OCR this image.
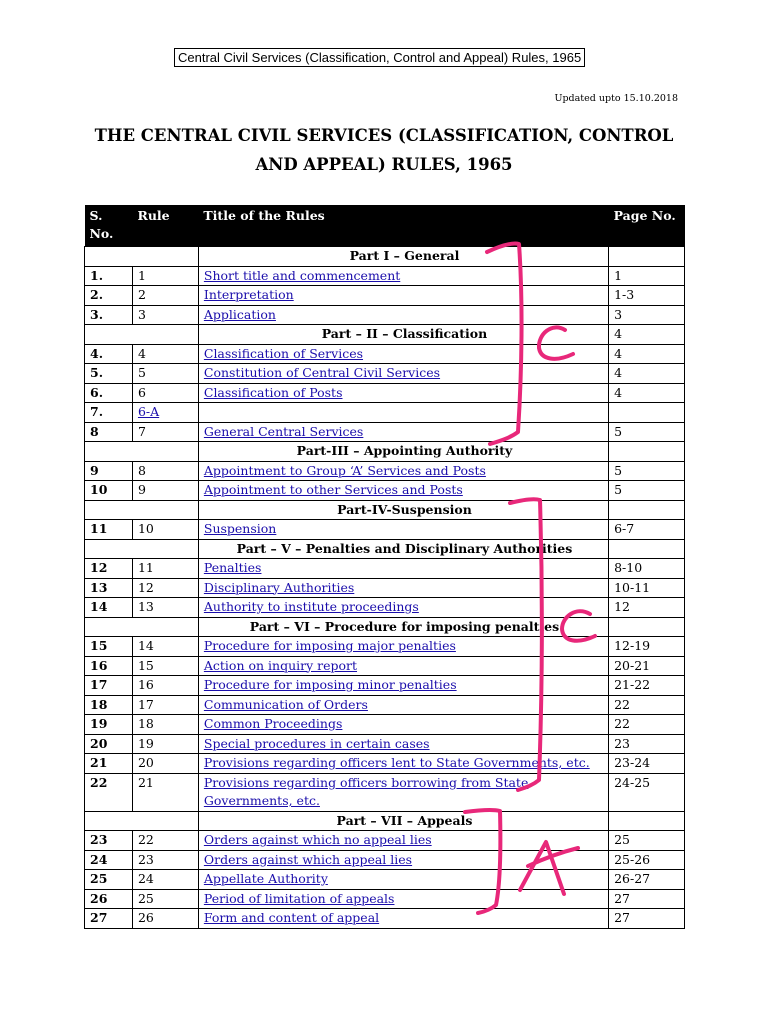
Central Civil Services (Classification, Control and Appeal) Rules, 1965
Updated upto 15.10.2018
THE CENTRAL CIVIL SERVICES (CLASSIFICATION, CONTROL
AND APPEAL) RULES, 1965
S. No.	Rule	Title of the Rules	Page No.
		Part I – General	
1.	1	Short title and commencement	1
2.	2	Interpretation	1-3
3.	3	Application	3
		Part – II – Classification	4
4.	4	Classification of Services	4
5.	5	Constitution of Central Civil Services	4
6.	6	Classification of Posts	4
7.	6-A		
8	7	General Central Services	5
		Part-III – Appointing Authority	
9	8	Appointment to Group ‘A’ Services and Posts	5
10	9	Appointment to other Services and Posts	5
		Part-IV-Suspension	
11	10	Suspension	6-7
		Part – V – Penalties and Disciplinary Authorities	
12	11	Penalties	8-10
13	12	Disciplinary Authorities	10-11
14	13	Authority to institute proceedings	12
		Part – VI – Procedure for imposing penalties	
15	14	Procedure for imposing major penalties	12-19
16	15	Action on inquiry report	20-21
17	16	Procedure for imposing minor penalties	21-22
18	17	Communication of Orders	22
19	18	Common Proceedings	22
20	19	Special procedures in certain cases	23
21	20	Provisions regarding officers lent to State Governments, etc.	23-24
22	21	Provisions regarding officers borrowing from State Governments, etc.	24-25
		Part – VII – Appeals	
23	22	Orders against which no appeal lies	25
24	23	Orders against which appeal lies	25-26
25	24	Appellate Authority	26-27
26	25	Period of limitation of appeals	27
27	26	Form and content of appeal	27
